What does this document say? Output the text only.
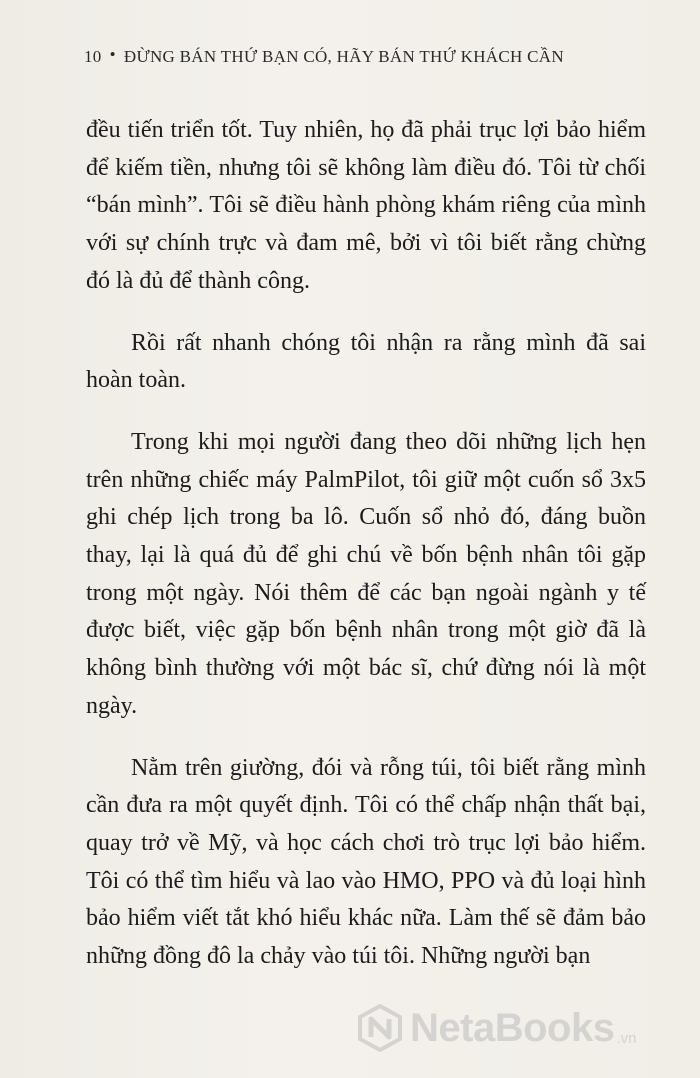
10 • ĐỪNG BÁN THỨ BẠN CÓ, HÃY BÁN THỨ KHÁCH CẦN

đều tiến triển tốt. Tuy nhiên, họ đã phải trục lợi bảo hiểm để kiếm tiền, nhưng tôi sẽ không làm điều đó. Tôi từ chối “bán mình”. Tôi sẽ điều hành phòng khám riêng của mình với sự chính trực và đam mê, bởi vì tôi biết rằng chừng đó là đủ để thành công.

Rồi rất nhanh chóng tôi nhận ra rằng mình đã sai hoàn toàn.

Trong khi mọi người đang theo dõi những lịch hẹn trên những chiếc máy PalmPilot, tôi giữ một cuốn sổ 3x5 ghi chép lịch trong ba lô. Cuốn sổ nhỏ đó, đáng buồn thay, lại là quá đủ để ghi chú về bốn bệnh nhân tôi gặp trong một ngày. Nói thêm để các bạn ngoài ngành y tế được biết, việc gặp bốn bệnh nhân trong một giờ đã là không bình thường với một bác sĩ, chứ đừng nói là một ngày.

Nằm trên giường, đói và rỗng túi, tôi biết rằng mình cần đưa ra một quyết định. Tôi có thể chấp nhận thất bại, quay trở về Mỹ, và học cách chơi trò trục lợi bảo hiểm. Tôi có thể tìm hiểu và lao vào HMO, PPO và đủ loại hình bảo hiểm viết tắt khó hiểu khác nữa. Làm thế sẽ đảm bảo những đồng đô la chảy vào túi tôi. Những người bạn

NetaBooks .vn
